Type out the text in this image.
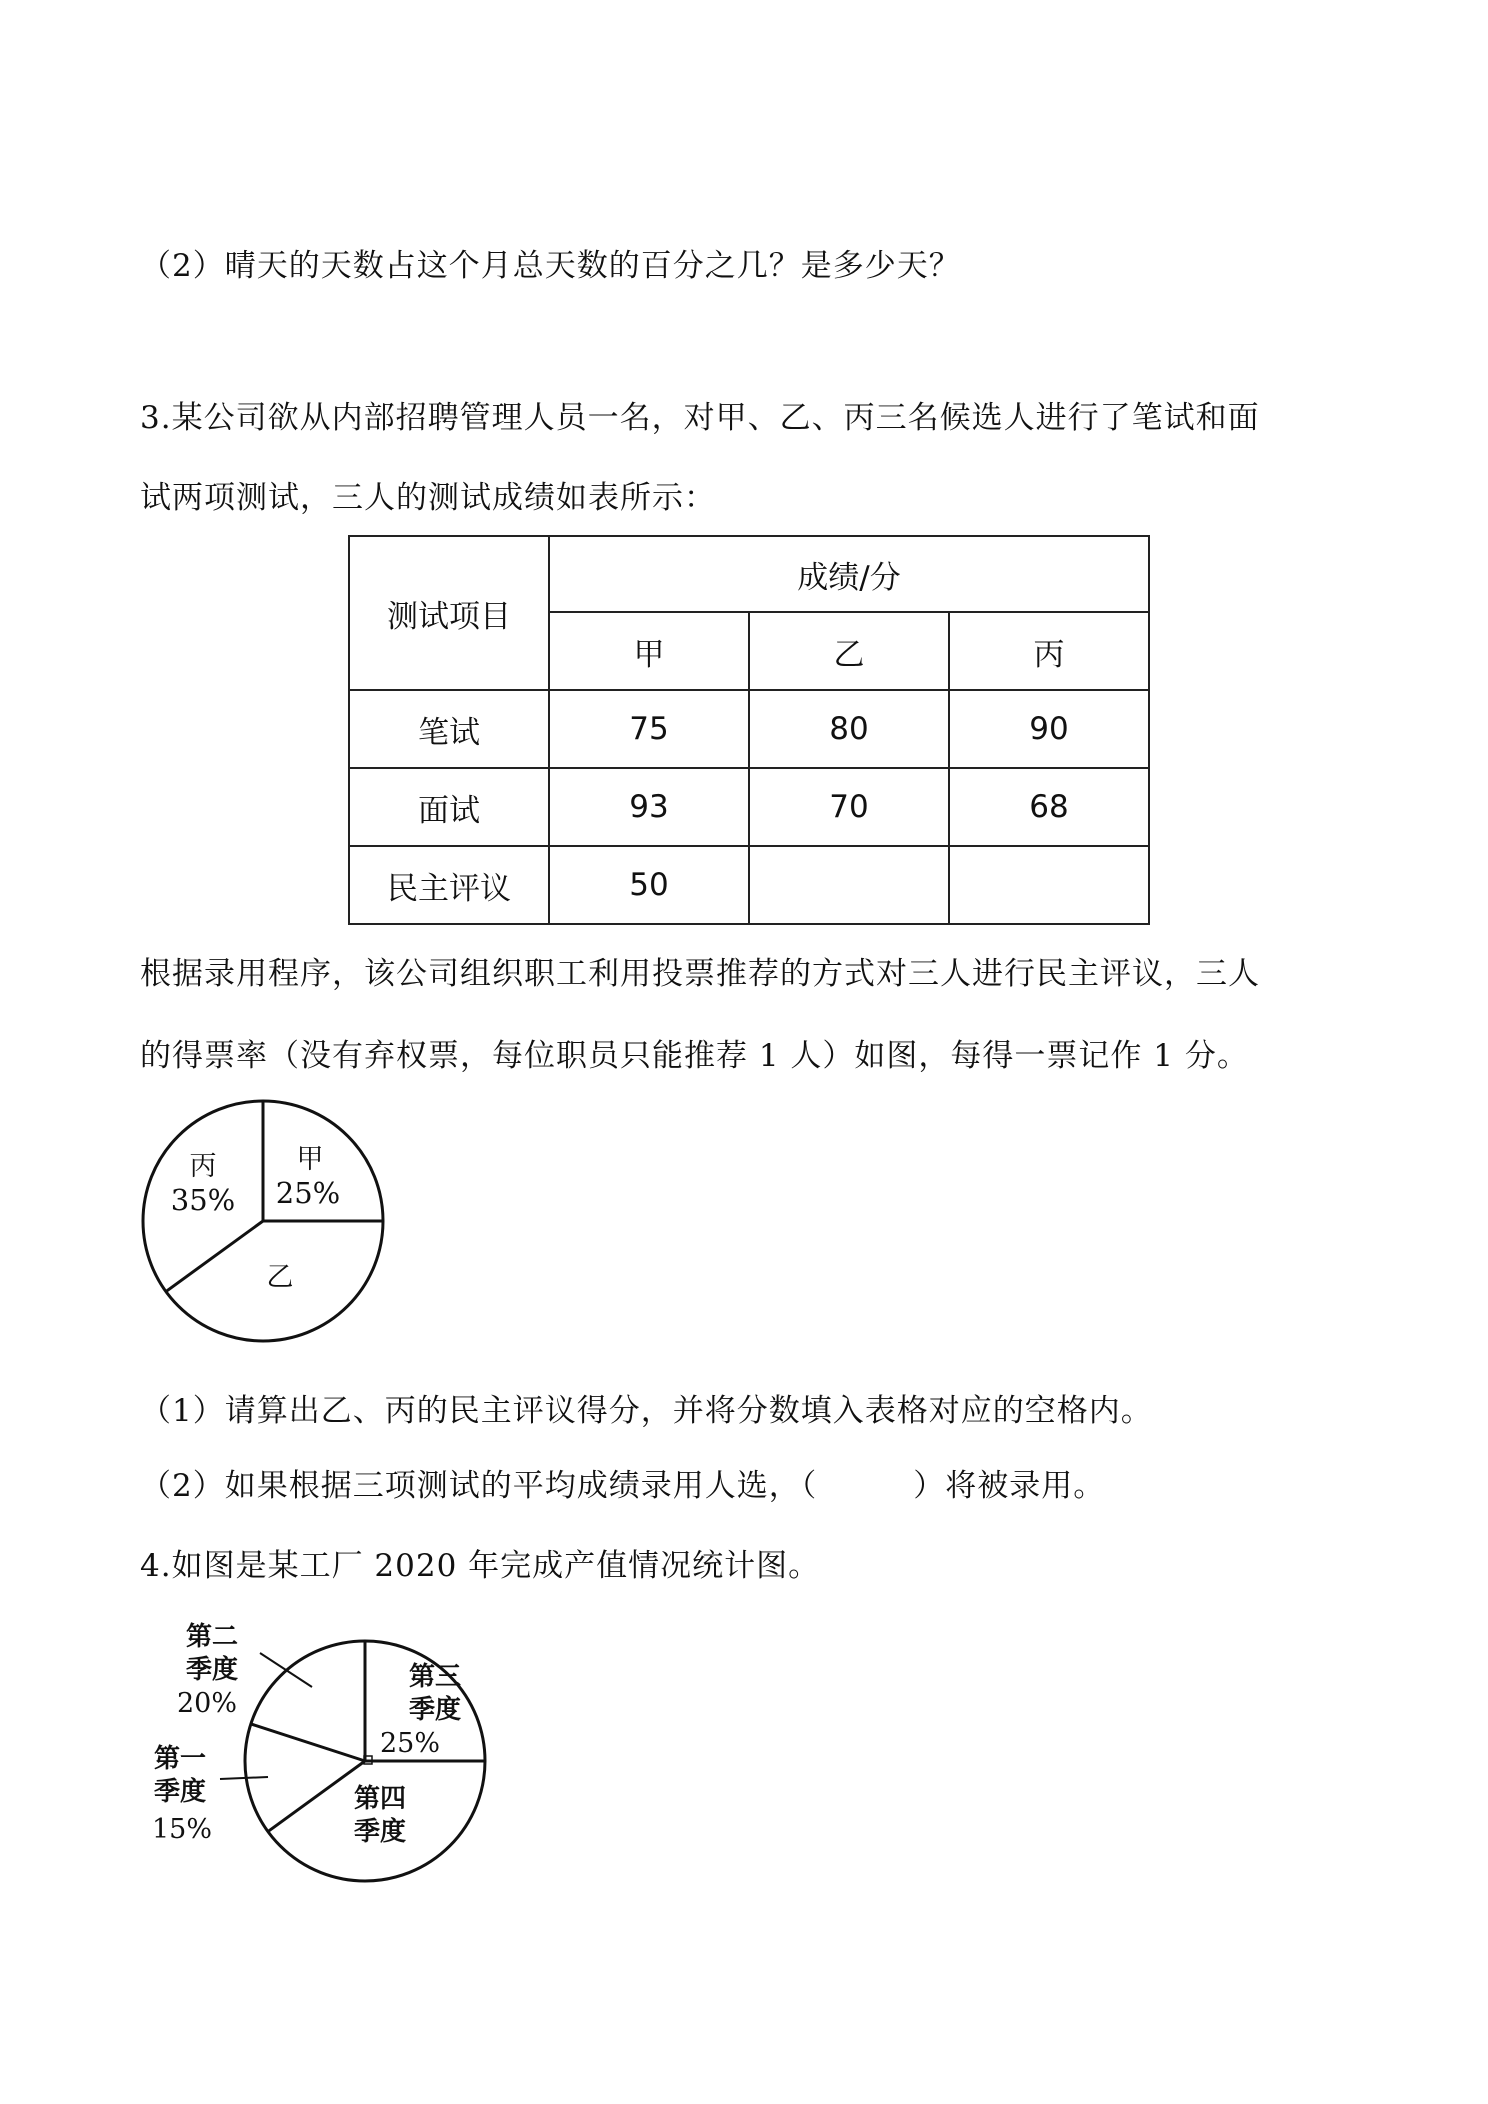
（2）晴天的天数占这个月总天数的百分之几？是多少天？
3.某公司欲从内部招聘管理人员一名，对甲、乙、丙三名候选人进行了笔试和面
试两项测试，三人的测试成绩如表所示：
测试项目	成绩/分		
	甲	乙	丙
笔试	75	80	90
面试	93	70	68
民主评议	50		
根据录用程序，该公司组织职工利用投票推荐的方式对三人进行民主评议，三人
的得票率（没有弃权票，每位职员只能推荐 1 人）如图，每得一票记作 1 分。
丙
35%
甲
25%
乙
（1）请算出乙、丙的民主评议得分，并将分数填入表格对应的空格内。
（2）如果根据三项测试的平均成绩录用人选，（　　　）将被录用。
4.如图是某工厂 2020 年完成产值情况统计图。
第二季度
20%
第一季度
15%
第三季度
25%
第四季度
